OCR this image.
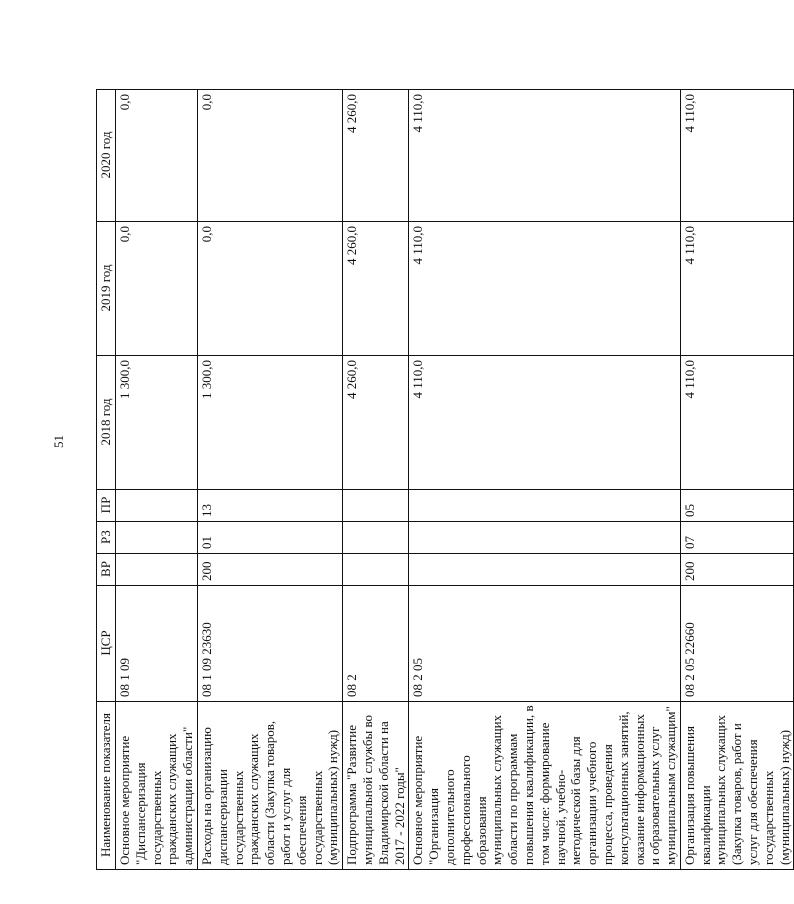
51
Наименование показателя	ЦСР	ВР	РЗ	ПР	2018 год	2019 год	2020 год
Основное мероприятие "Диспансеризация государственных гражданских служащих администрации области"	08 1 09				1 300,0	0,0	0,0
Расходы на организацию диспансеризации государственных гражданских служащих области (Закупка товаров, работ и услуг для обеспечения государственных (муниципальных) нужд)	08 1 09 23630	200	01	13	1 300,0	0,0	0,0
Подпрограмма "Развитие муниципальной службы во Владимирской области на 2017 - 2022 годы"	08 2				4 260,0	4 260,0	4 260,0
Основное мероприятие "Организация дополнительного профессионального образования муниципальных служащих области по программам повышения квалификации, в том числе: формирование научной, учебно-методической базы для организации учебного процесса, проведения консультационных занятий, оказание информационных и образовательных услуг муниципальным служащим"	08 2 05				4 110,0	4 110,0	4 110,0
Организация повышения квалификации муниципальных служащих (Закупка товаров, работ и услуг для обеспечения государственных (муниципальных) нужд)	08 2 05 22660	200	07	05	4 110,0	4 110,0	4 110,0
